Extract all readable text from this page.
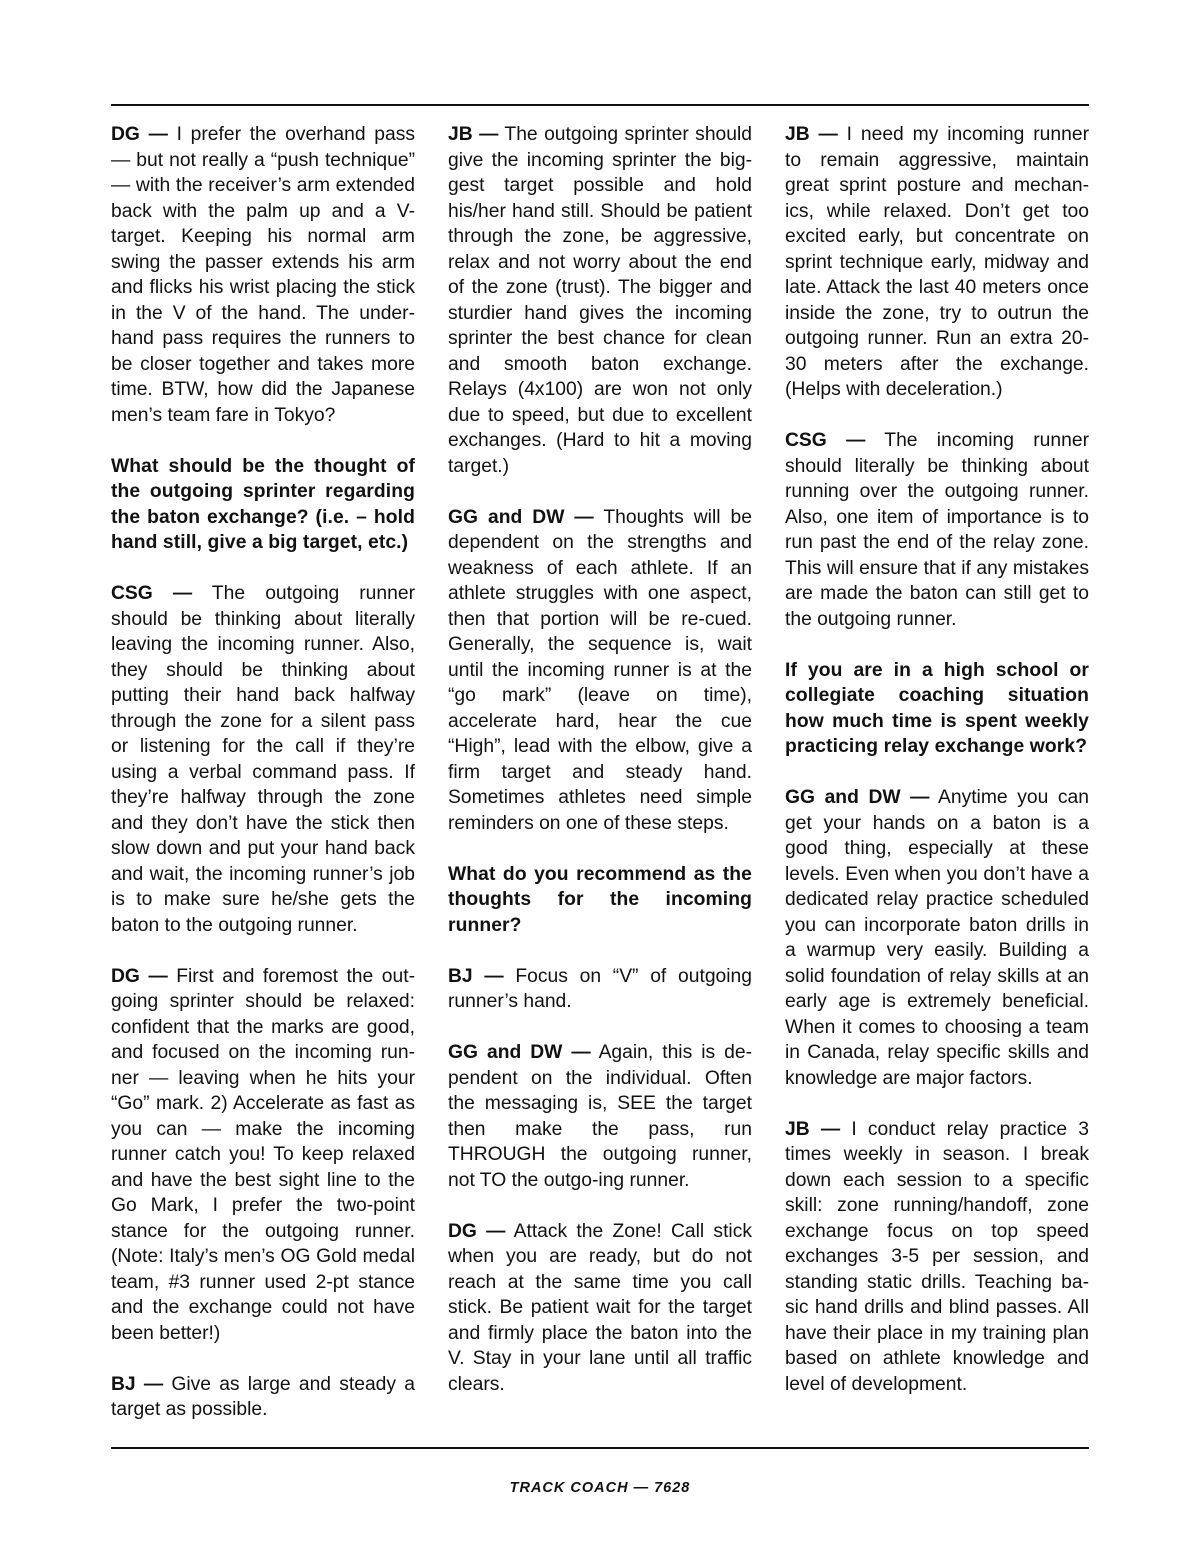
DG — I prefer the overhand pass — but not really a “push technique” — with the receiver’s arm extended back with the palm up and a V-target. Keeping his normal arm swing the passer extends his arm and flicks his wrist placing the stick in the V of the hand. The under-hand pass requires the runners to be closer together and takes more time. BTW, how did the Japanese men’s team fare in Tokyo?

What should be the thought of the outgoing sprinter regarding the baton exchange? (i.e. – hold hand still, give a big target, etc.)

CSG — The outgoing runner should be thinking about literally leaving the incoming runner. Also, they should be thinking about putting their hand back halfway through the zone for a silent pass or listening for the call if they’re using a verbal command pass. If they’re halfway through the zone and they don’t have the stick then slow down and put your hand back and wait, the incoming runner’s job is to make sure he/she gets the baton to the outgoing runner.

DG — First and foremost the out-going sprinter should be relaxed: confident that the marks are good, and focused on the incoming run-ner — leaving when he hits your “Go” mark. 2) Accelerate as fast as you can — make the incoming runner catch you! To keep relaxed and have the best sight line to the Go Mark, I prefer the two-point stance for the outgoing runner. (Note: Italy’s men’s OG Gold medal team, #3 runner used 2-pt stance and the exchange could not have been better!)

BJ — Give as large and steady a target as possible.

JB — The outgoing sprinter should give the incoming sprinter the big-gest target possible and hold his/her hand still. Should be patient through the zone, be aggressive, relax and not worry about the end of the zone (trust). The bigger and sturdier hand gives the incoming sprinter the best chance for clean and smooth baton exchange. Relays (4x100) are won not only due to speed, but due to excellent exchanges. (Hard to hit a moving target.)

GG and DW — Thoughts will be dependent on the strengths and weakness of each athlete. If an athlete struggles with one aspect, then that portion will be re-cued. Generally, the sequence is, wait until the incoming runner is at the “go mark” (leave on time), accelerate hard, hear the cue “High”, lead with the elbow, give a firm target and steady hand. Sometimes athletes need simple reminders on one of these steps.

What do you recommend as the thoughts for the incoming runner?

BJ — Focus on “V” of outgoing runner’s hand.

GG and DW — Again, this is de-pendent on the individual. Often the messaging is, SEE the target then make the pass, run THROUGH the outgoing runner, not TO the outgo-ing runner.

DG — Attack the Zone! Call stick when you are ready, but do not reach at the same time you call stick. Be patient wait for the target and firmly place the baton into the V. Stay in your lane until all traffic clears.

JB — I need my incoming runner to remain aggressive, maintain great sprint posture and mechan-ics, while relaxed. Don’t get too excited early, but concentrate on sprint technique early, midway and late. Attack the last 40 meters once inside the zone, try to outrun the outgoing runner. Run an extra 20-30 meters after the exchange. (Helps with deceleration.)

CSG — The incoming runner should literally be thinking about running over the outgoing runner. Also, one item of importance is to run past the end of the relay zone. This will ensure that if any mistakes are made the baton can still get to the outgoing runner.

If you are in a high school or collegiate coaching situation how much time is spent weekly practicing relay exchange work?

GG and DW — Anytime you can get your hands on a baton is a good thing, especially at these levels. Even when you don’t have a dedicated relay practice scheduled you can incorporate baton drills in a warmup very easily. Building a solid foundation of relay skills at an early age is extremely beneficial. When it comes to choosing a team in Canada, relay specific skills and knowledge are major factors.

JB — I conduct relay practice 3 times weekly in season. I break down each session to a specific skill: zone running/handoff, zone exchange focus on top speed exchanges 3-5 per session, and standing static drills. Teaching ba-sic hand drills and blind passes. All have their place in my training plan based on athlete knowledge and level of development.

TRACK COACH — 7628
